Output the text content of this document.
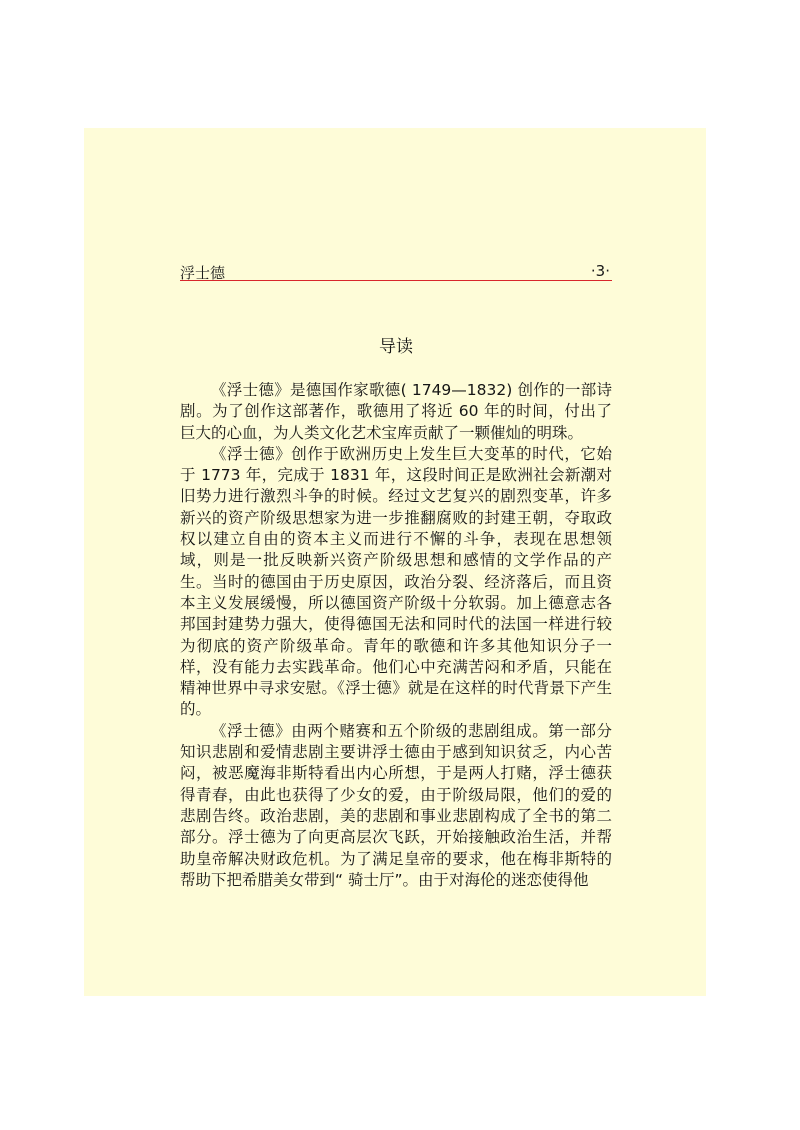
浮士德	·3·
导读

《浮士德》是德国作家歌德( 1749—1832) 创作的一部诗剧。为了创作这部著作，歌德用了将近 60 年的时间，付出了巨大的心血，为人类文化艺术宝库贡献了一颗催灿的明珠。

《浮士德》创作于欧洲历史上发生巨大变革的时代，它始于 1773 年，完成于 1831 年，这段时间正是欧洲社会新潮对旧势力进行激烈斗争的时候。经过文艺复兴的剧烈变革，许多新兴的资产阶级思想家为进一步推翻腐败的封建王朝，夺取政权以建立自由的资本主义而进行不懈的斗争，表现在思想领域，则是一批反映新兴资产阶级思想和感情的文学作品的产生。当时的德国由于历史原因，政治分裂、经济落后，而且资本主义发展缓慢，所以德国资产阶级十分软弱。加上德意志各邦国封建势力强大，使得德国无法和同时代的法国一样进行较为彻底的资产阶级革命。青年的歌德和许多其他知识分子一样，没有能力去实践革命。他们心中充满苦闷和矛盾，只能在精神世界中寻求安慰。《浮士德》就是在这样的时代背景下产生的。

《浮士德》由两个赌赛和五个阶级的悲剧组成。第一部分知识悲剧和爱情悲剧主要讲浮士德由于感到知识贫乏，内心苦闷，被恶魔海非斯特看出内心所想，于是两人打赌，浮士德获得青春，由此也获得了少女的爱，由于阶级局限，他们的爱的悲剧告终。政治悲剧，美的悲剧和事业悲剧构成了全书的第二部分。浮士德为了向更高层次飞跃，开始接触政治生活，并帮助皇帝解决财政危机。为了满足皇帝的要求，他在梅非斯特的帮助下把希腊美女带到“ 骑士厅”。由于对海伦的迷恋使得他
